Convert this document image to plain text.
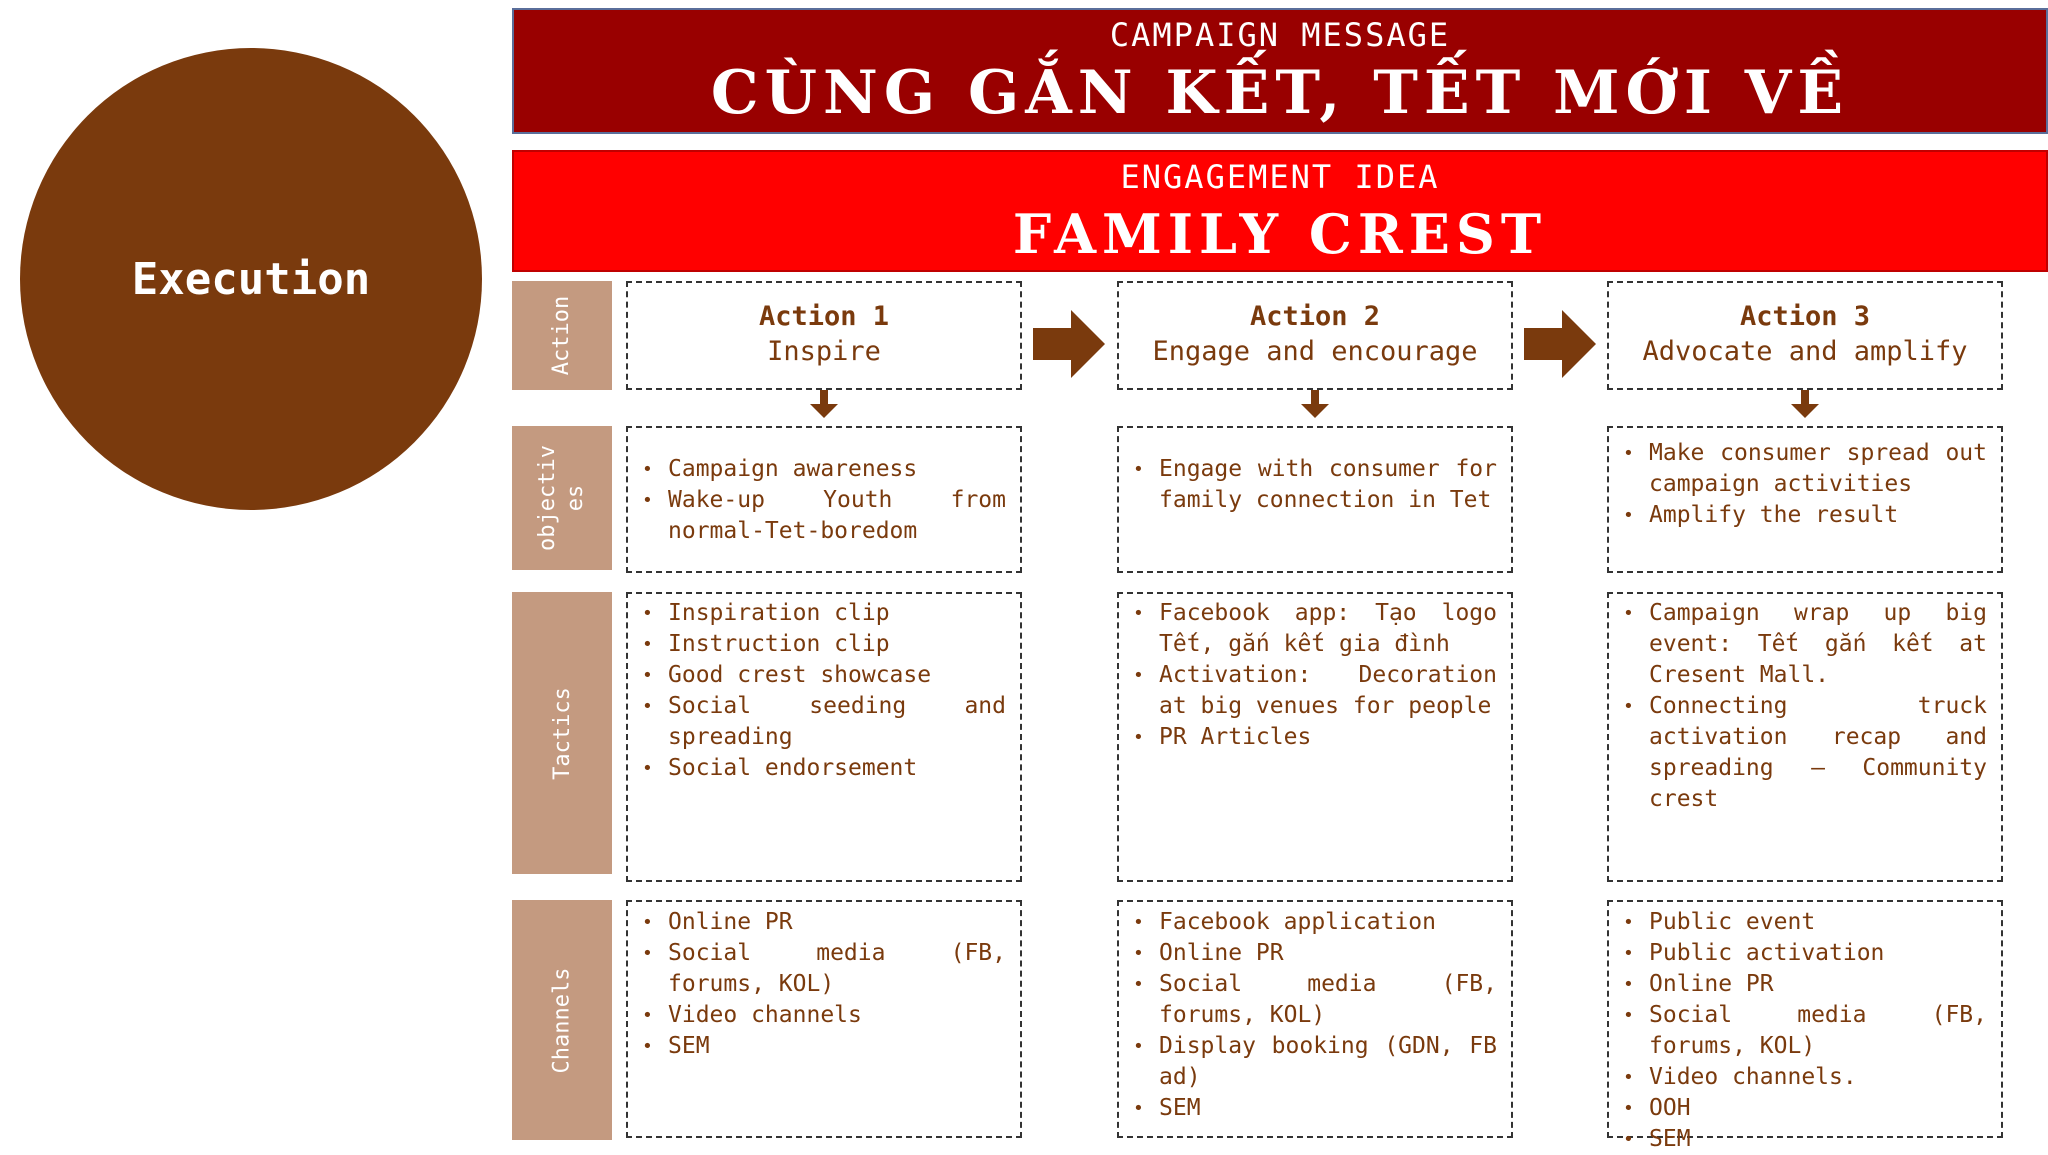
Execution
CAMPAIGN MESSAGE
CÙNG GẮN KẾT, TẾT MỚI VỀ
ENGAGEMENT IDEA
FAMILY CREST
Action
objectiv es
Tactics
Channels
Action 1
Inspire
• Campaign awareness
• Wake-up Youth from normal-Tet-boredom
• Inspiration clip
• Instruction clip
• Good crest showcase
• Social seeding and spreading
• Social endorsement
• Online PR
• Social media (FB, forums, KOL)
• Video channels
• SEM
Action 2
Engage and encourage
• Engage with consumer for family connection in Tet
• Facebook app: Tạo logo Tết, gắn kết gia đình
• Activation: Decoration at big venues for people
• PR Articles
• Facebook application
• Online PR
• Social media (FB, forums, KOL)
• Display booking (GDN, FB ad)
• SEM
Action 3
Advocate and amplify
• Make consumer spread out campaign activities
• Amplify the result
• Campaign wrap up big event: Tết gắn kết at Cresent Mall.
• Connecting truck activation recap and spreading – Community crest
• Public event
• Public activation
• Online PR
• Social media (FB, forums, KOL)
• Video channels.
• OOH
• SEM
